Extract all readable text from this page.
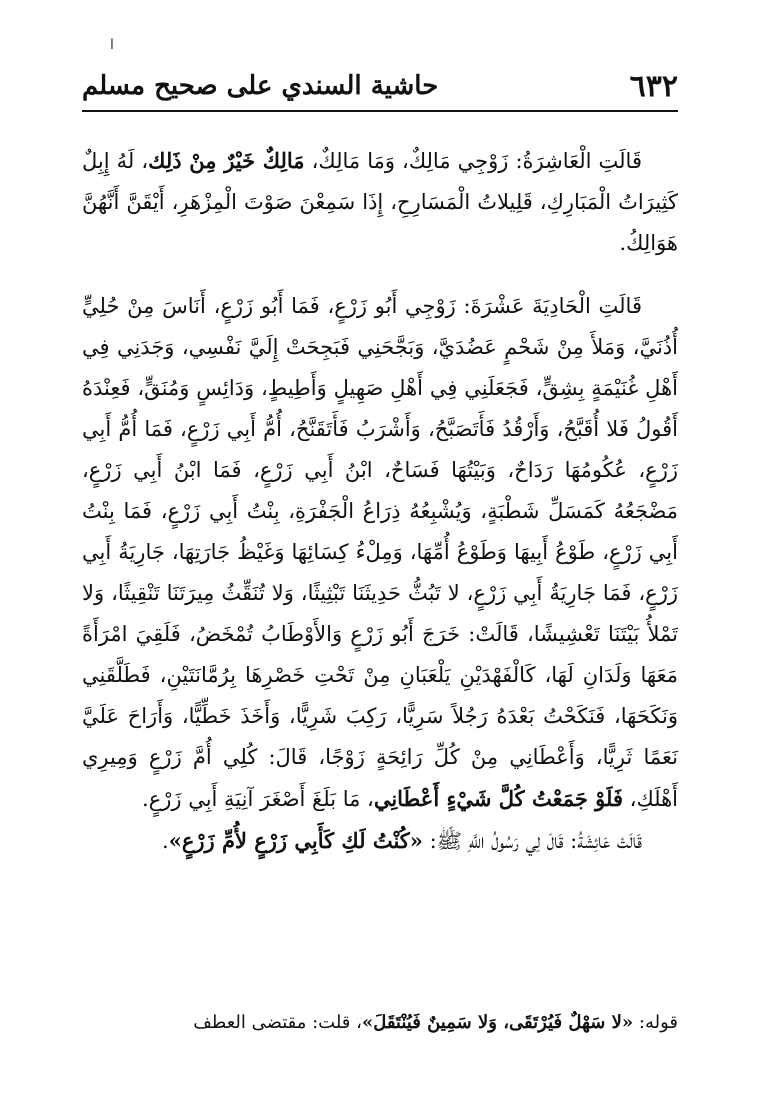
ا
٦٣٢
حاشية السندي على صحيح مسلم

قَالَتِ الْعَاشِرَةُ: زَوْجِي مَالِكٌ، وَمَا مَالِكٌ، مَالِكٌ خَيْرٌ مِنْ ذَلِك، لَهُ إِبِلٌ كَثِيرَاتُ الْمَبَارِكِ، قَلِيلاتُ الْمَسَارِحِ، إِذَا سَمِعْنَ صَوْتَ الْمِزْهَرِ، أَيْقَنَّ أَنَّهُنَّ هَوَالِكُ.

قَالَتِ الْحَادِيَةَ عَشْرَةَ: زَوْجِي أَبُو زَرْعٍ، فَمَا أَبُو زَرْعٍ، أَنَاسَ مِنْ حُلِيٍّ أُذُنَيَّ، وَمَلأَ مِنْ شَحْمٍ عَضُدَيَّ، وَبَجَّحَنِي فَبَجِحَتْ إِلَيَّ نَفْسِي، وَجَدَنِي فِي أَهْلِ غُنَيْمَةٍ بِشِقٍّ، فَجَعَلَنِي فِي أَهْلِ صَهِيلٍ وَأَطِيطٍ، وَدَائِسٍ وَمُنَقٍّ، فَعِنْدَهُ أَقُولُ فَلا أُقَبَّحُ، وَأَرْقُدُ فَأَتَصَبَّحُ، وَأَشْرَبُ فَأَتَقَنَّحُ، أُمُّ أَبِي زَرْعٍ، فَمَا أُمُّ أَبِي زَرْعٍ، عُكُومُهَا رَدَاحٌ، وَبَيْتُهَا فَسَاحٌ، ابْنُ أَبِي زَرْعٍ، فَمَا ابْنُ أَبِي زَرْعٍ، مَضْجَعُهُ كَمَسَلِّ شَطْبَةٍ، وَيُشْبِعُهُ ذِرَاعُ الْجَفْرَةِ، بِنْتُ أَبِي زَرْعٍ، فَمَا بِنْتُ أَبِي زَرْعٍ، طَوْعُ أَبِيهَا وَطَوْعُ أُمِّهَا، وَمِلْءُ كِسَائِهَا وَغَيْظُ جَارَتِهَا، جَارِيَةُ أَبِي زَرْعٍ، فَمَا جَارِيَةُ أَبِي زَرْعٍ، لا تَبُثُّ حَدِيثَنَا تَبْثِيثًا، وَلا تُنَقِّثُ مِيرَتَنَا تَنْقِيثًا، وَلا تَمْلأُ بَيْتَنَا تَعْشِيشًا، قَالَتْ: خَرَجَ أَبُو زَرْعٍ وَالأَوْطَابُ تُمْخَضُ، فَلَقِيَ امْرَأَةً مَعَهَا وَلَدَانِ لَهَا، كَالْفَهْدَيْنِ يَلْعَبَانِ مِنْ تَحْتِ خَصْرِهَا بِرُمَّانَتَيْنِ، فَطَلَّقَنِي وَنَكَحَهَا، فَنَكَحْتُ بَعْدَهُ رَجُلاً سَرِيًّا، رَكِبَ شَرِيًّا، وَأَخَذَ خَطِّيًّا، وَأَرَاحَ عَلَيَّ نَعَمًا ثَرِيًّا، وَأَعْطَانِي مِنْ كُلِّ رَائِحَةٍ زَوْجًا، قَالَ: كُلِي أُمَّ زَرْعٍ وَمِيرِي أَهْلَكِ، فَلَوْ جَمَعْتُ كُلَّ شَيْءٍ أَعْطَانِي، مَا بَلَغَ أَصْغَرَ آنِيَةِ أَبِي زَرْعٍ.

قَالَتْ عَائِشَةُ: قَالَ لِي رَسُولُ اللَّهِ ﷺ: «كُنْتُ لَكِ كَأَبِي زَرْعٍ لأُمِّ زَرْعٍ».

قوله: «لا سَهْلٌ فَيُرْتَقَى، وَلا سَمِينٌ فَيُنْتَقَلَ»، قلت: مقتضى العطف
